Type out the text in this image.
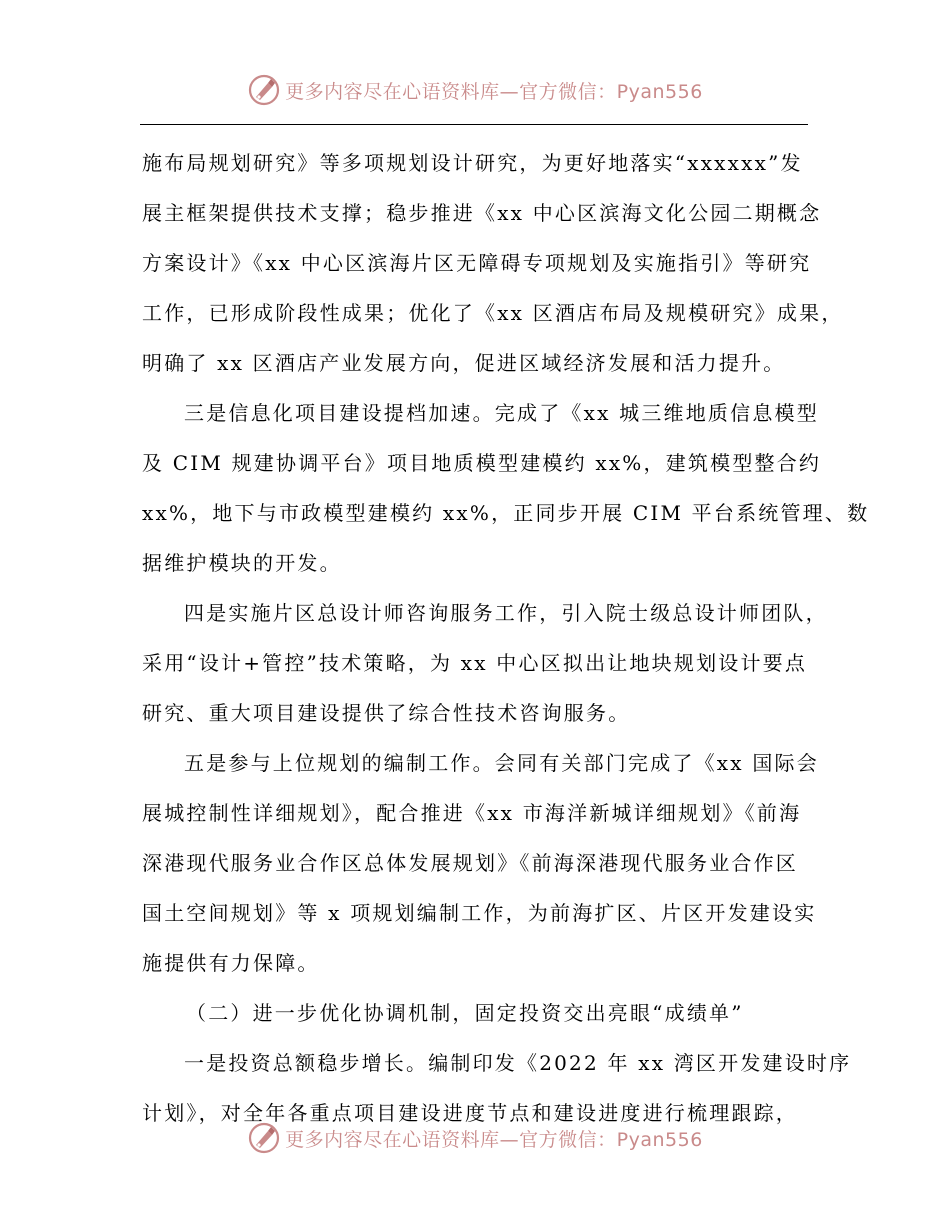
更多内容尽在心语资料库—官方微信：Pyan556

施布局规划研究》等多项规划设计研究，为更好地落实“xxxxxx”发
展主框架提供技术支撑；稳步推进《xx 中心区滨海文化公园二期概念
方案设计》《xx 中心区滨海片区无障碍专项规划及实施指引》等研究
工作，已形成阶段性成果；优化了《xx 区酒店布局及规模研究》成果，
明确了 xx 区酒店产业发展方向，促进区域经济发展和活力提升。

三是信息化项目建设提档加速。完成了《xx 城三维地质信息模型
及 CIM 规建协调平台》项目地质模型建模约 xx%，建筑模型整合约
xx%，地下与市政模型建模约 xx%，正同步开展 CIM 平台系统管理、数
据维护模块的开发。

四是实施片区总设计师咨询服务工作，引入院士级总设计师团队，
采用“设计+管控”技术策略，为 xx 中心区拟出让地块规划设计要点
研究、重大项目建设提供了综合性技术咨询服务。

五是参与上位规划的编制工作。会同有关部门完成了《xx 国际会
展城控制性详细规划》，配合推进《xx 市海洋新城详细规划》《前海
深港现代服务业合作区总体发展规划》《前海深港现代服务业合作区
国土空间规划》等 x 项规划编制工作，为前海扩区、片区开发建设实
施提供有力保障。

（二）进一步优化协调机制，固定投资交出亮眼“成绩单”

一是投资总额稳步增长。编制印发《2022 年 xx 湾区开发建设时序
计划》，对全年各重点项目建设进度节点和建设进度进行梳理跟踪，

更多内容尽在心语资料库—官方微信：Pyan556
